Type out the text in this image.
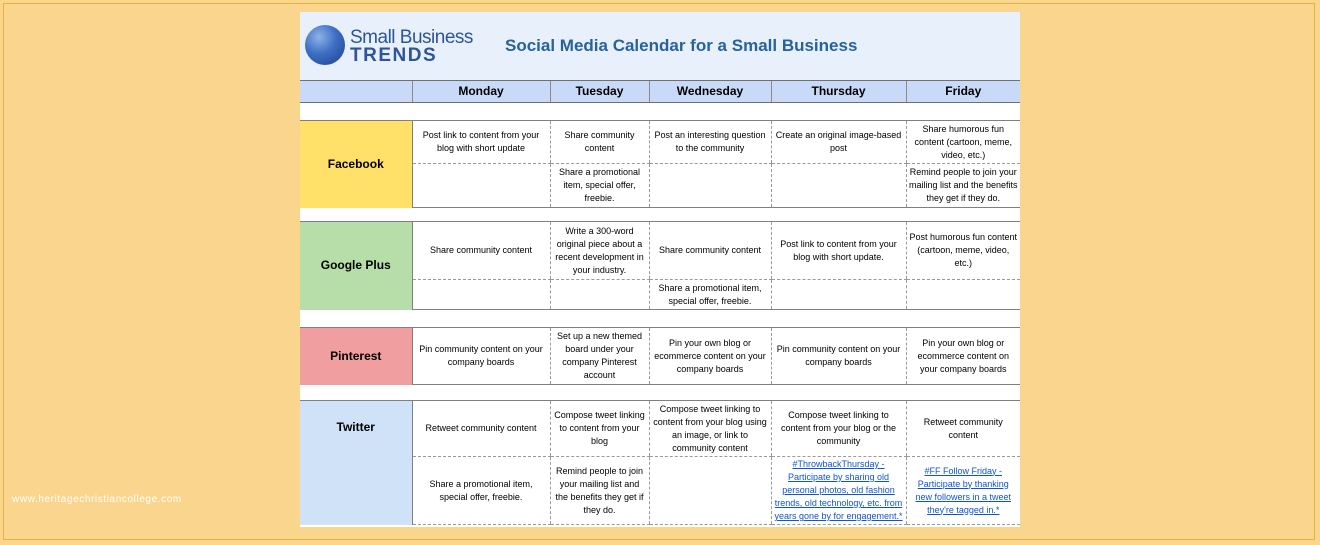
www.heritagechristiancollege.com
Small Business
TRENDS	Social Media Calendar for a Small Business
	Monday	Tuesday	Wednesday	Thursday	Friday

Facebook	Post link to content from your blog with short update	Share community content	Post an interesting question to the community	Create an original image-based post	Share humorous fun content (cartoon, meme, video, etc.)
		Share a promotional item, special offer, freebie.			Remind people to join your mailing list and the benefits they get if they do.

Google Plus	Share community content	Write a 300-word original piece about a recent development in your industry.	Share community content	Post link to content from your blog with short update.	Post humorous fun content (cartoon, meme, video, etc.)
			Share a promotional item, special offer, freebie.		

Pinterest	Pin community content on your company boards	Set up a new themed board under your company Pinterest account	Pin your own blog or ecommerce content on your company boards	Pin community content on your company boards	Pin your own blog or ecommerce content on your company boards

Twitter	Retweet community content	Compose tweet linking to content from your blog	Compose tweet linking to content from your blog using an image, or link to community content	Compose tweet linking to content from your blog or the community	Retweet community content
	Share a promotional item, special offer, freebie.	Remind people to join your mailing list and the benefits they get if they do.		#ThrowbackThursday - Participate by sharing old personal photos, old fashion trends, old technology, etc. from years gone by for engagement.*	#FF Follow Friday - Participate by thanking new followers in a tweet they're tagged in.*
